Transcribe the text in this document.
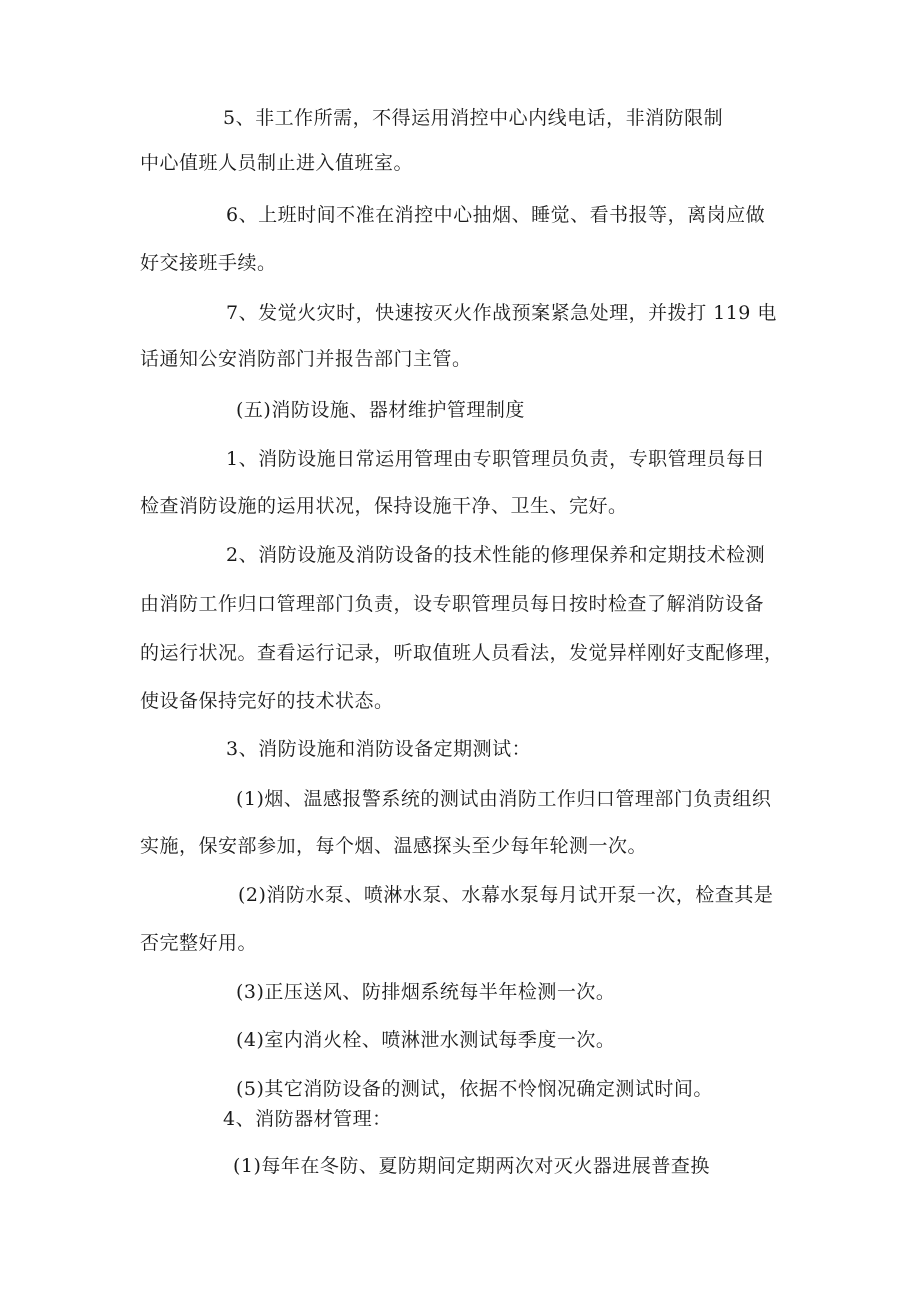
5、非工作所需，不得运用消控中心内线电话，非消防限制
中心值班人员制止进入值班室。
6、上班时间不准在消控中心抽烟、睡觉、看书报等，离岗应做
好交接班手续。
7、发觉火灾时，快速按灭火作战预案紧急处理，并拨打 119 电
话通知公安消防部门并报告部门主管。
(五)消防设施、器材维护管理制度
1、消防设施日常运用管理由专职管理员负责，专职管理员每日
检查消防设施的运用状况，保持设施干净、卫生、完好。
2、消防设施及消防设备的技术性能的修理保养和定期技术检测
由消防工作归口管理部门负责，设专职管理员每日按时检查了解消防设备
的运行状况。查看运行记录，听取值班人员看法，发觉异样刚好支配修理，
使设备保持完好的技术状态。
3、消防设施和消防设备定期测试：
(1)烟、温感报警系统的测试由消防工作归口管理部门负责组织
实施，保安部参加，每个烟、温感探头至少每年轮测一次。
(2)消防水泵、喷淋水泵、水幕水泵每月试开泵一次，检查其是
否完整好用。
(3)正压送风、防排烟系统每半年检测一次。
(4)室内消火栓、喷淋泄水测试每季度一次。
(5)其它消防设备的测试，依据不怜悯况确定测试时间。
4、消防器材管理：
(1)每年在冬防、夏防期间定期两次对灭火器进展普查换
